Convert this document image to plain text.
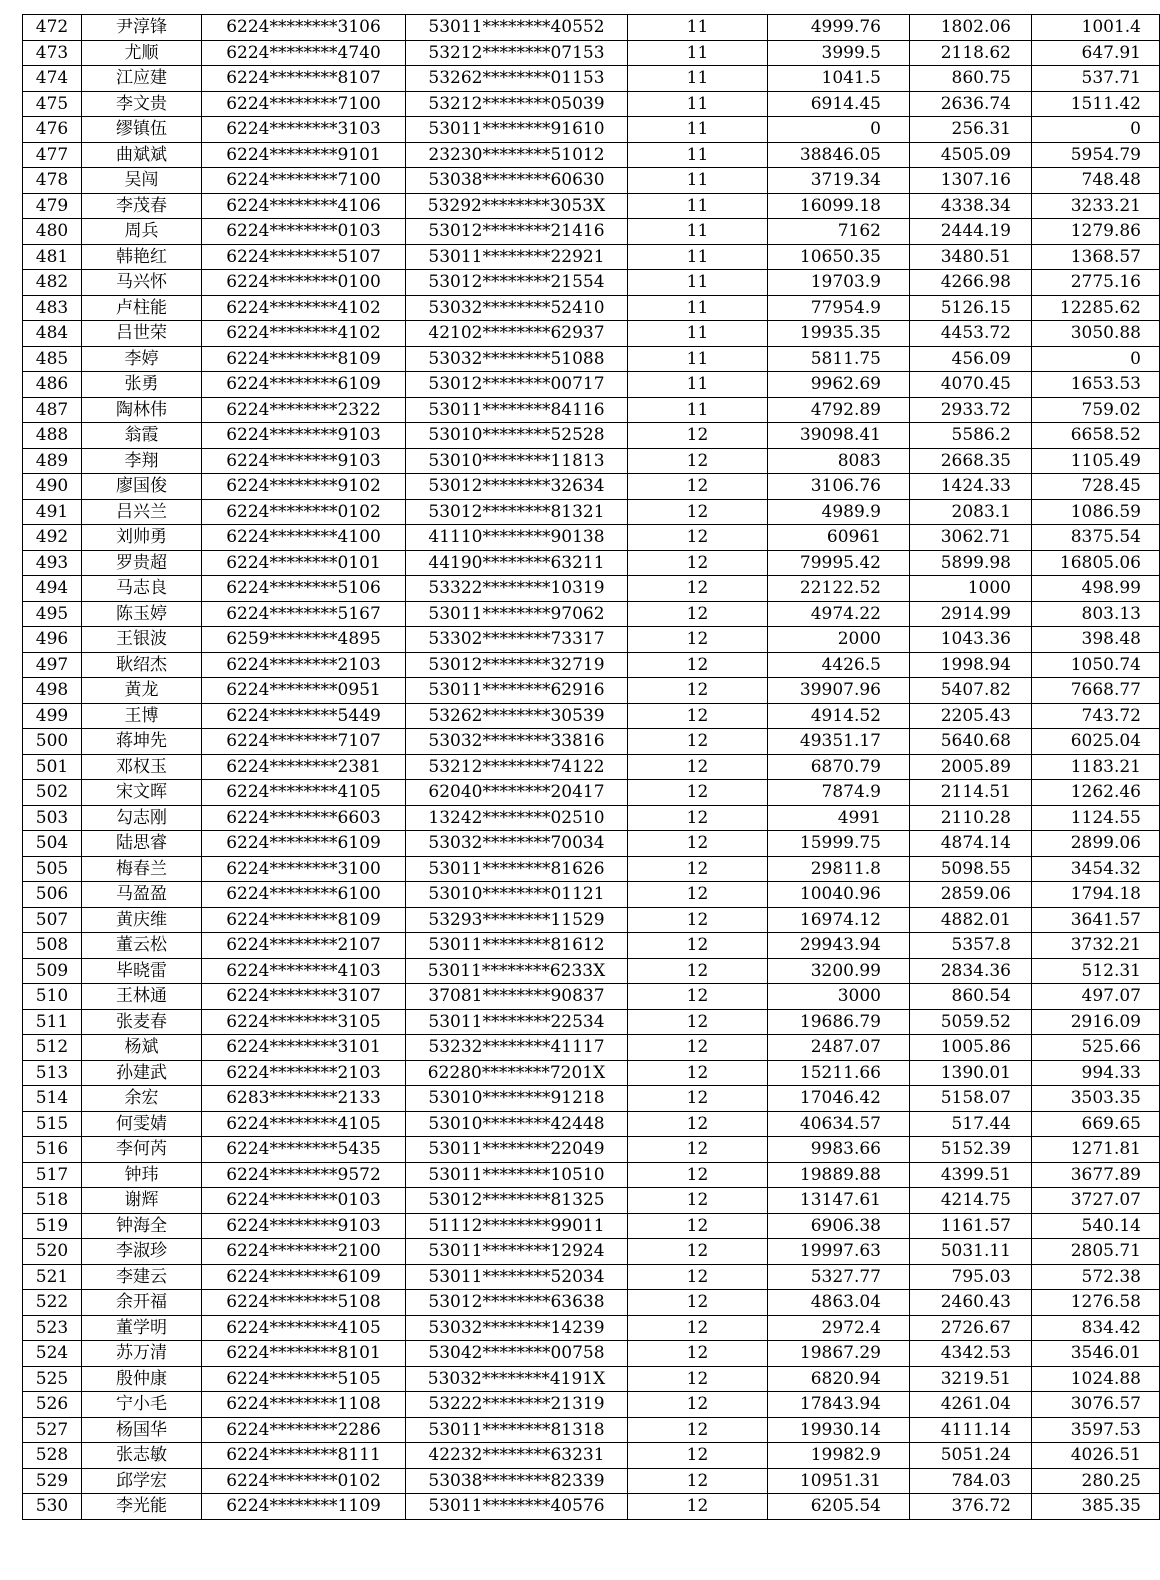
472	尹淳锋	6224********3106	53011********40552	11	4999.76	1802.06	1001.4
473	尤顺	6224********4740	53212********07153	11	3999.5	2118.62	647.91
474	江应建	6224********8107	53262********01153	11	1041.5	860.75	537.71
475	李文贵	6224********7100	53212********05039	11	6914.45	2636.74	1511.42
476	缪镇伍	6224********3103	53011********91610	11	0	256.31	0
477	曲斌斌	6224********9101	23230********51012	11	38846.05	4505.09	5954.79
478	吴闯	6224********7100	53038********60630	11	3719.34	1307.16	748.48
479	李茂春	6224********4106	53292********3053X	11	16099.18	4338.34	3233.21
480	周兵	6224********0103	53012********21416	11	7162	2444.19	1279.86
481	韩艳红	6224********5107	53011********22921	11	10650.35	3480.51	1368.57
482	马兴怀	6224********0100	53012********21554	11	19703.9	4266.98	2775.16
483	卢柱能	6224********4102	53032********52410	11	77954.9	5126.15	12285.62
484	吕世荣	6224********4102	42102********62937	11	19935.35	4453.72	3050.88
485	李婷	6224********8109	53032********51088	11	5811.75	456.09	0
486	张勇	6224********6109	53012********00717	11	9962.69	4070.45	1653.53
487	陶林伟	6224********2322	53011********84116	11	4792.89	2933.72	759.02
488	翁霞	6224********9103	53010********52528	12	39098.41	5586.2	6658.52
489	李翔	6224********9103	53010********11813	12	8083	2668.35	1105.49
490	廖国俊	6224********9102	53012********32634	12	3106.76	1424.33	728.45
491	吕兴兰	6224********0102	53012********81321	12	4989.9	2083.1	1086.59
492	刘帅勇	6224********4100	41110********90138	12	60961	3062.71	8375.54
493	罗贵超	6224********0101	44190********63211	12	79995.42	5899.98	16805.06
494	马志良	6224********5106	53322********10319	12	22122.52	1000	498.99
495	陈玉婷	6224********5167	53011********97062	12	4974.22	2914.99	803.13
496	王银波	6259********4895	53302********73317	12	2000	1043.36	398.48
497	耿绍杰	6224********2103	53012********32719	12	4426.5	1998.94	1050.74
498	黄龙	6224********0951	53011********62916	12	39907.96	5407.82	7668.77
499	王博	6224********5449	53262********30539	12	4914.52	2205.43	743.72
500	蒋坤先	6224********7107	53032********33816	12	49351.17	5640.68	6025.04
501	邓权玉	6224********2381	53212********74122	12	6870.79	2005.89	1183.21
502	宋文晖	6224********4105	62040********20417	12	7874.9	2114.51	1262.46
503	勾志刚	6224********6603	13242********02510	12	4991	2110.28	1124.55
504	陆思睿	6224********6109	53032********70034	12	15999.75	4874.14	2899.06
505	梅春兰	6224********3100	53011********81626	12	29811.8	5098.55	3454.32
506	马盈盈	6224********6100	53010********01121	12	10040.96	2859.06	1794.18
507	黄庆维	6224********8109	53293********11529	12	16974.12	4882.01	3641.57
508	董云松	6224********2107	53011********81612	12	29943.94	5357.8	3732.21
509	毕晓雷	6224********4103	53011********6233X	12	3200.99	2834.36	512.31
510	王林通	6224********3107	37081********90837	12	3000	860.54	497.07
511	张麦春	6224********3105	53011********22534	12	19686.79	5059.52	2916.09
512	杨斌	6224********3101	53232********41117	12	2487.07	1005.86	525.66
513	孙建武	6224********2103	62280********7201X	12	15211.66	1390.01	994.33
514	余宏	6283********2133	53010********91218	12	17046.42	5158.07	3503.35
515	何雯婧	6224********4105	53010********42448	12	40634.57	517.44	669.65
516	李何芮	6224********5435	53011********22049	12	9983.66	5152.39	1271.81
517	钟玮	6224********9572	53011********10510	12	19889.88	4399.51	3677.89
518	谢辉	6224********0103	53012********81325	12	13147.61	4214.75	3727.07
519	钟海全	6224********9103	51112********99011	12	6906.38	1161.57	540.14
520	李淑珍	6224********2100	53011********12924	12	19997.63	5031.11	2805.71
521	李建云	6224********6109	53011********52034	12	5327.77	795.03	572.38
522	余开福	6224********5108	53012********63638	12	4863.04	2460.43	1276.58
523	董学明	6224********4105	53032********14239	12	2972.4	2726.67	834.42
524	苏万清	6224********8101	53042********00758	12	19867.29	4342.53	3546.01
525	殷仲康	6224********5105	53032********4191X	12	6820.94	3219.51	1024.88
526	宁小毛	6224********1108	53222********21319	12	17843.94	4261.04	3076.57
527	杨国华	6224********2286	53011********81318	12	19930.14	4111.14	3597.53
528	张志敏	6224********8111	42232********63231	12	19982.9	5051.24	4026.51
529	邱学宏	6224********0102	53038********82339	12	10951.31	784.03	280.25
530	李光能	6224********1109	53011********40576	12	6205.54	376.72	385.35
